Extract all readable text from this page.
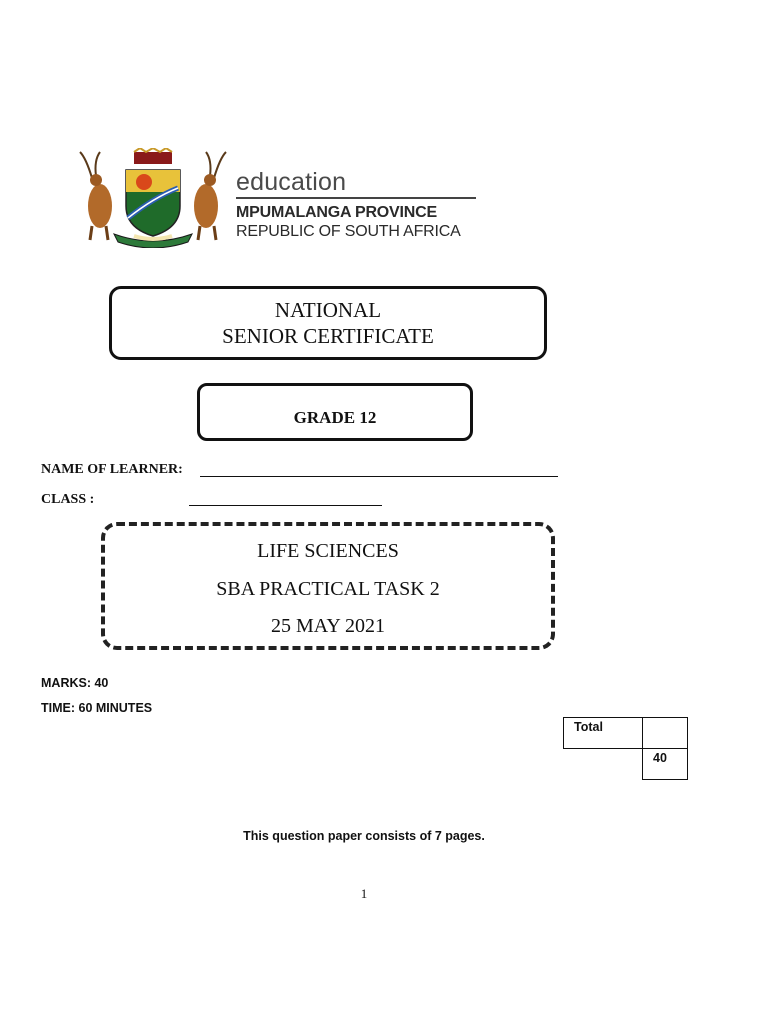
education
MPUMALANGA PROVINCE
REPUBLIC OF SOUTH AFRICA
NATIONAL
SENIOR CERTIFICATE
GRADE 12
NAME OF LEARNER:
CLASS :
LIFE SCIENCES
SBA PRACTICAL TASK 2
25 MAY 2021
MARKS: 40
TIME: 60 MINUTES
Total	
	40
This question paper consists of 7 pages.
1
